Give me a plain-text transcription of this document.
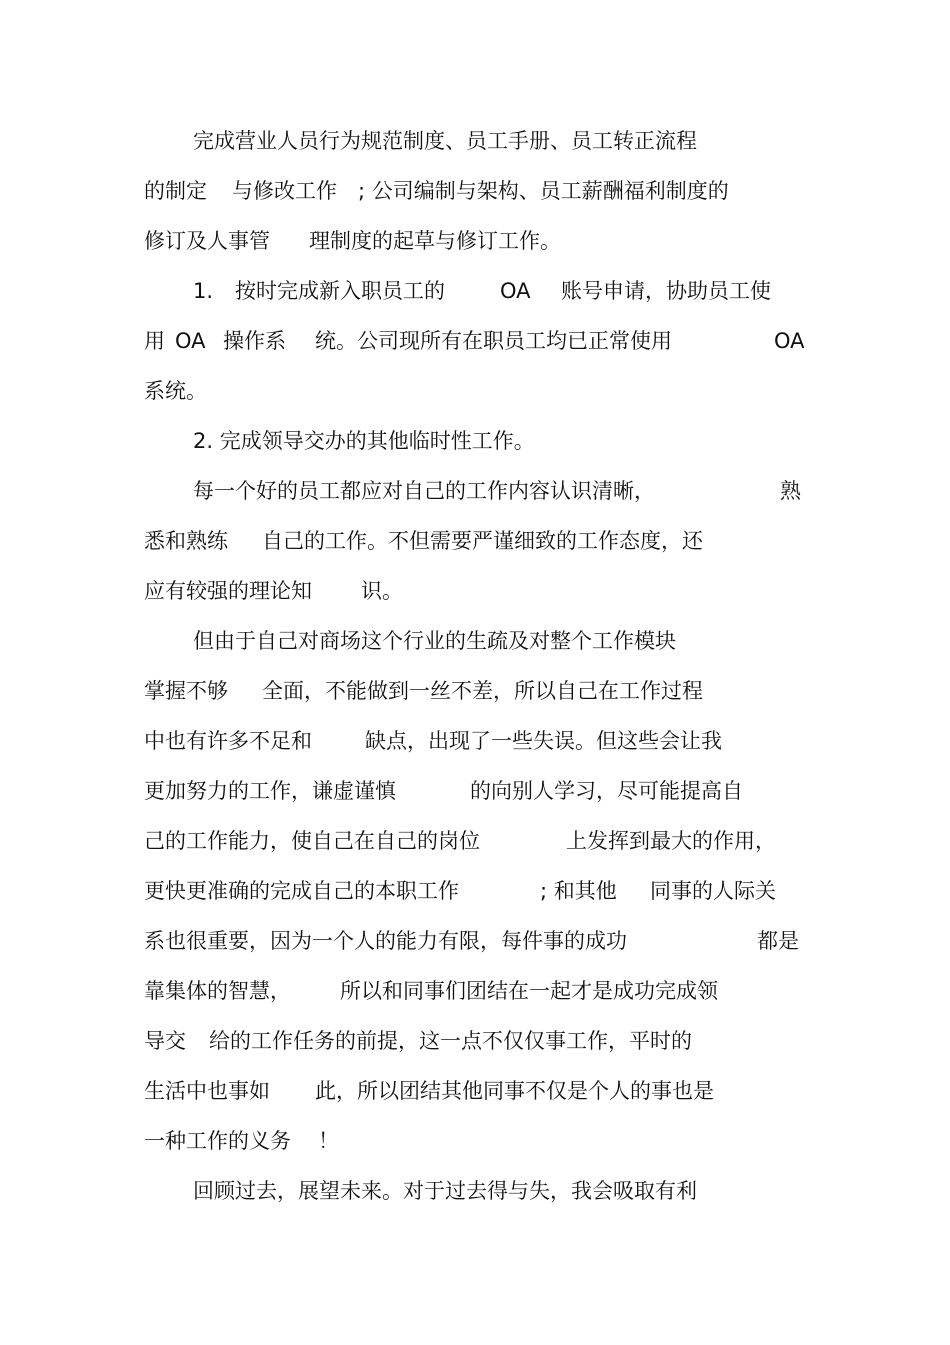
完成营业人员行为规范制度、员工手册、员工转正流程

的制定

与修改工作

; 公司编制与架构、员工薪酬福利制度的

修订及人事管

理制度的起草与修订工作。

1.

按时完成新入职员工的

	OA

账号申请，协助员工使

用

OA

操作系

统。公司现所有在职员工均已正常使用

	OA

系统。

2. 完成领导交办的其他临时性工作。

每一个好的员工都应对自己的工作内容认识清晰，

	熟

悉和熟练

自己的工作。不但需要严谨细致的工作态度，还

应有较强的理论知

识。

但由于自己对商场这个行业的生疏及对整个工作模块

掌握不够

全面，不能做到一丝不差，所以自己在工作过程

中也有许多不足和

	缺点，出现了一些失误。但这些会让我

更加努力的工作，谦虚谨慎

	的向别人学习，尽可能提高自

己的工作能力，使自己在自己的岗位

	上发挥到最大的作用，

更快更准确的完成自己的本职工作

	; 和其他

同事的人际关

系也很重要，因为一个人的能力有限，每件事的成功

	都是

靠集体的智慧，

所以和同事们团结在一起才是成功完成领

导交

给的工作任务的前提，这一点不仅仅事工作，平时的

生活中也事如

此，所以团结其他同事不仅是个人的事也是

一种工作的义务

！

回顾过去，展望未来。对于过去得与失，我会吸取有利
